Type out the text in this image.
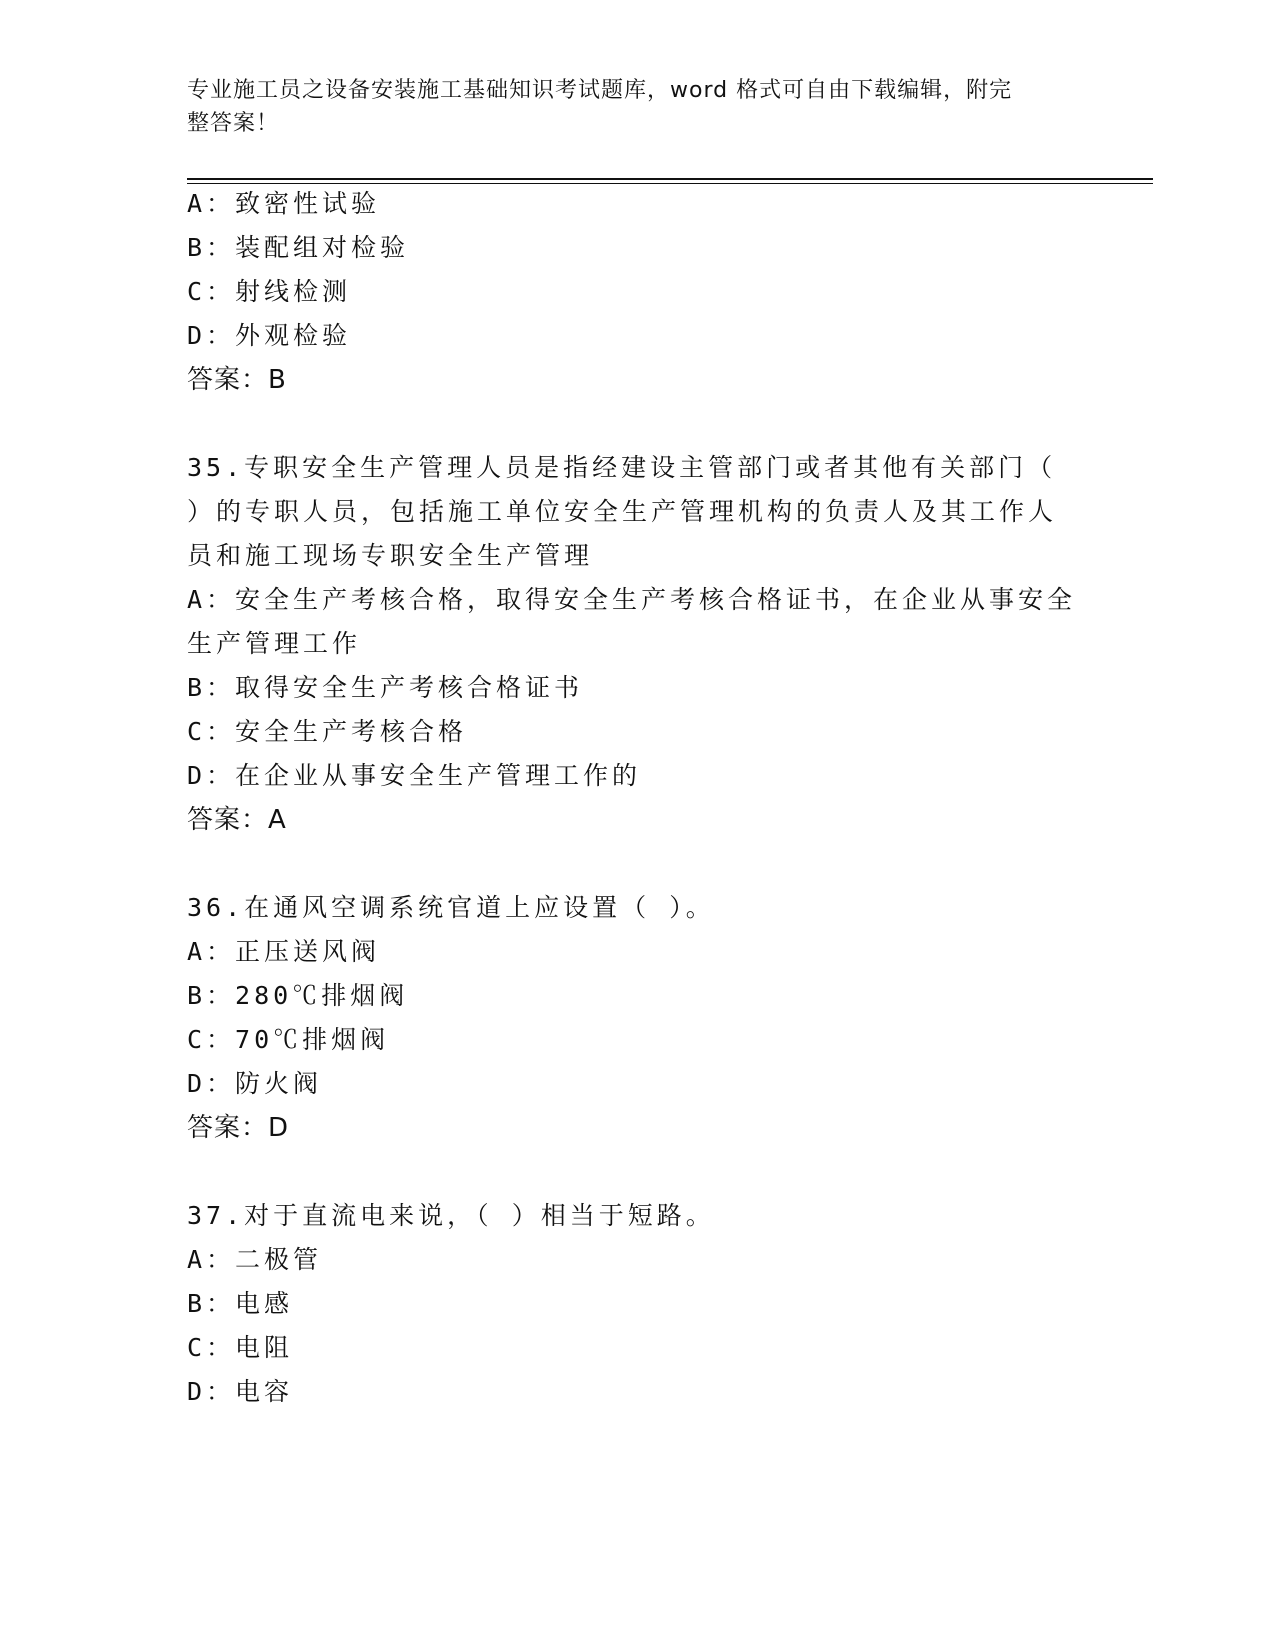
专业施工员之设备安装施工基础知识考试题库，word 格式可自由下载编辑，附完
整答案！
A：致密性试验
B：装配组对检验
C：射线检测
D：外观检验
答案：B
35.专职安全生产管理人员是指经建设主管部门或者其他有关部门（
）的专职人员，包括施工单位安全生产管理机构的负责人及其工作人
员和施工现场专职安全生产管理
A：安全生产考核合格，取得安全生产考核合格证书，在企业从事安全
生产管理工作
B：取得安全生产考核合格证书
C：安全生产考核合格
D：在企业从事安全生产管理工作的
答案：A
36.在通风空调系统官道上应设置（ ）。
A：正压送风阀
B：280℃排烟阀
C：70℃排烟阀
D：防火阀
答案：D
37.对于直流电来说，（ ）相当于短路。
A：二极管
B：电感
C：电阻
D：电容
